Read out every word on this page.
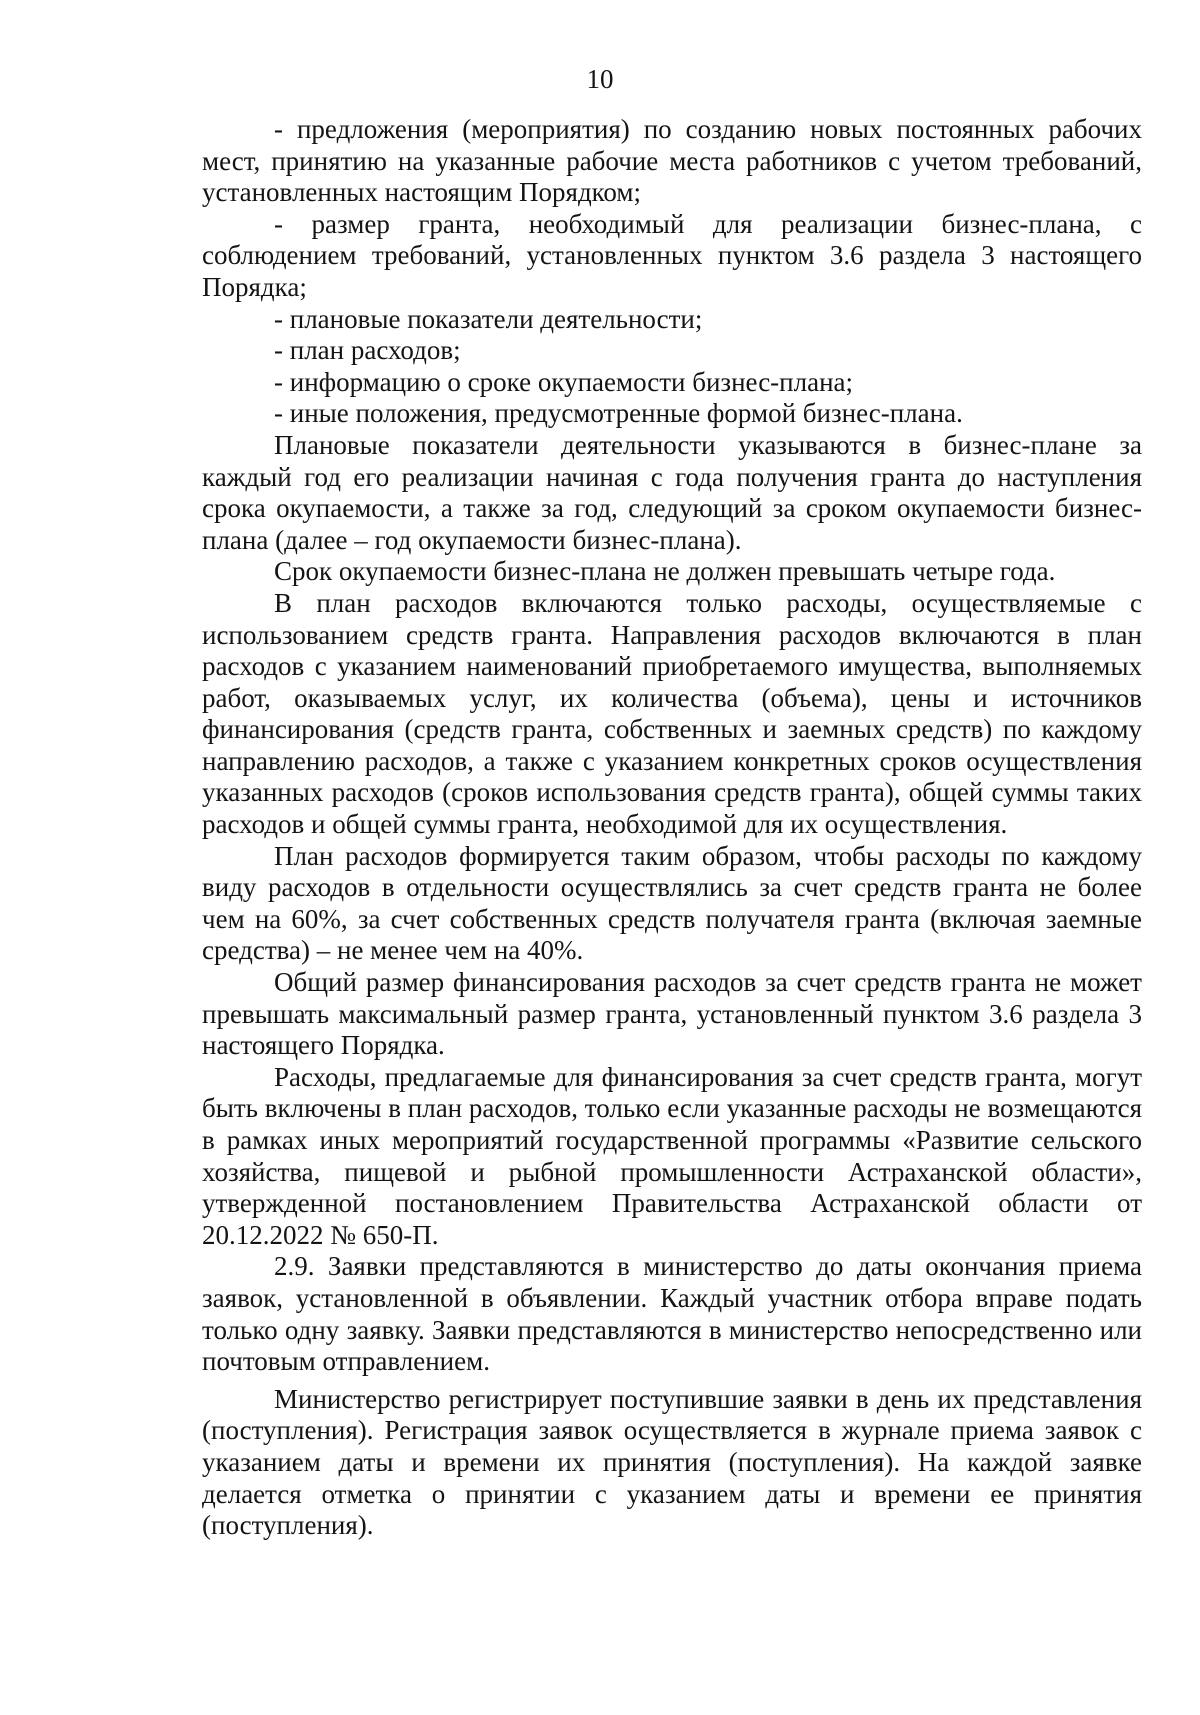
10

- предложения (мероприятия) по созданию новых постоянных рабочих мест, принятию на указанные рабочие места работников с учетом требований, установленных настоящим Порядком;

- размер гранта, необходимый для реализации бизнес-плана, с соблюдением требований, установленных пунктом 3.6 раздела 3 настоящего Порядка;

- плановые показатели деятельности;

- план расходов;

- информацию о сроке окупаемости бизнес-плана;

- иные положения, предусмотренные формой бизнес-плана.

Плановые показатели деятельности указываются в бизнес-плане за каждый год его реализации начиная с года получения гранта до наступления срока окупаемости, а также за год, следующий за сроком окупаемости бизнес-плана (далее – год окупаемости бизнес-плана).

Срок окупаемости бизнес-плана не должен превышать четыре года.

В план расходов включаются только расходы, осуществляемые с использованием средств гранта. Направления расходов включаются в план расходов с указанием наименований приобретаемого имущества, выполняемых работ, оказываемых услуг, их количества (объема), цены и источников финансирования (средств гранта, собственных и заемных средств) по каждому направлению расходов, а также с указанием конкретных сроков осуществления указанных расходов (сроков использования средств гранта), общей суммы таких расходов и общей суммы гранта, необходимой для их осуществления.

План расходов формируется таким образом, чтобы расходы по каждому виду расходов в отдельности осуществлялись за счет средств гранта не более чем на 60%, за счет собственных средств получателя гранта (включая заемные средства) – не менее чем на 40%.

Общий размер финансирования расходов за счет средств гранта не может превышать максимальный размер гранта, установленный пунктом 3.6 раздела 3 настоящего Порядка.

Расходы, предлагаемые для финансирования за счет средств гранта, могут быть включены в план расходов, только если указанные расходы не возмещаются в рамках иных мероприятий государственной программы «Развитие сельского хозяйства, пищевой и рыбной промышленности Астраханской области», утвержденной постановлением Правительства Астраханской области от 20.12.2022 № 650-П.

2.9. Заявки представляются в министерство до даты окончания приема заявок, установленной в объявлении. Каждый участник отбора вправе подать только одну заявку. Заявки представляются в министерство непосредственно или почтовым отправлением.

Министерство регистрирует поступившие заявки в день их представления (поступления). Регистрация заявок осуществляется в журнале приема заявок с указанием даты и времени их принятия (поступления). На каждой заявке делается отметка о принятии с указанием даты и времени ее принятия (поступления).
